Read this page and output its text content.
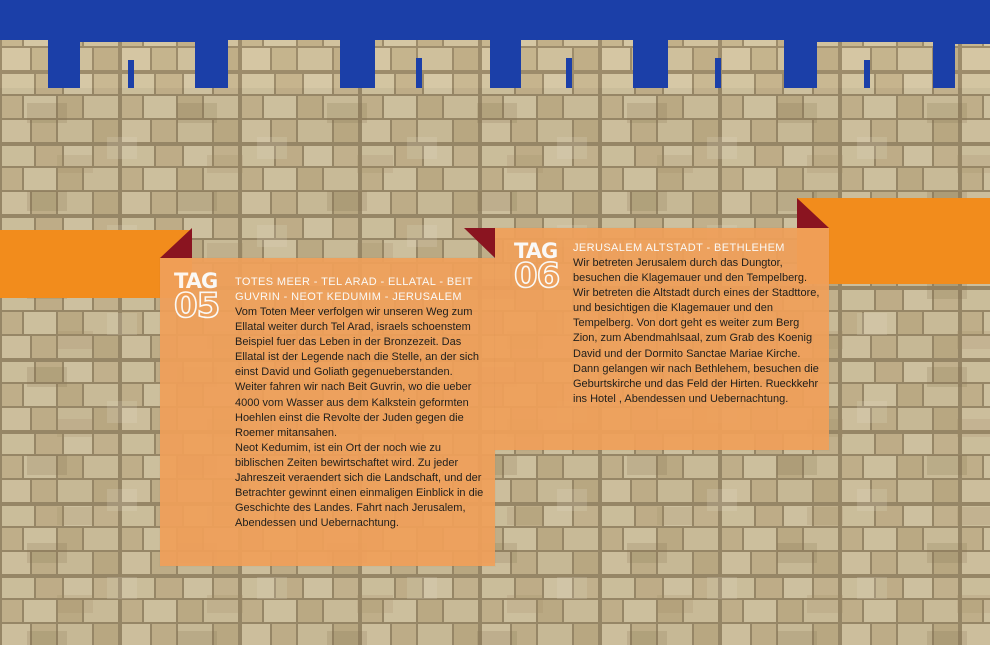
TAG
05
TOTES MEER - TEL ARAD - ELLATAL - BEIT GUVRIN - NEOT KEDUMIM - JERUSALEM

Vom Toten Meer verfolgen wir unseren Weg zum Ellatal weiter durch Tel Arad, israels schoenstem Beispiel fuer das Leben in der Bronzezeit. Das Ellatal ist der Legende nach die Stelle, an der sich einst David und Goliath gegenueberstanden.

Weiter fahren wir nach Beit Guvrin, wo die ueber 4000 vom Wasser aus dem Kalkstein geformten Hoehlen einst die Revolte der Juden gegen die Roemer mitansahen.

Neot Kedumim, ist ein Ort der noch wie zu biblischen Zeiten bewirtschaftet wird. Zu jeder Jahreszeit veraendert sich die Landschaft, und der Betrachter gewinnt einen einmaligen Einblick in die Geschichte des Landes. Fahrt nach Jerusalem, Abendessen und Uebernachtung.

TAG
06
JERUSALEM ALTSTADT - BETHLEHEM

Wir betreten Jerusalem durch das Dungtor, besuchen die Klagemauer und den Tempelberg. Wir betreten die Altstadt durch eines der Stadttore, und besichtigen die Klagemauer und den Tempelberg. Von dort geht es weiter zum Berg Zion, zum Abendmahlsaal, zum Grab des Koenig David und der Dormito Sanctae Mariae Kirche. Dann gelangen wir nach Bethlehem, besuchen die Geburtskirche und das Feld der Hirten. Rueckkehr ins Hotel , Abendessen und Uebernachtung.
